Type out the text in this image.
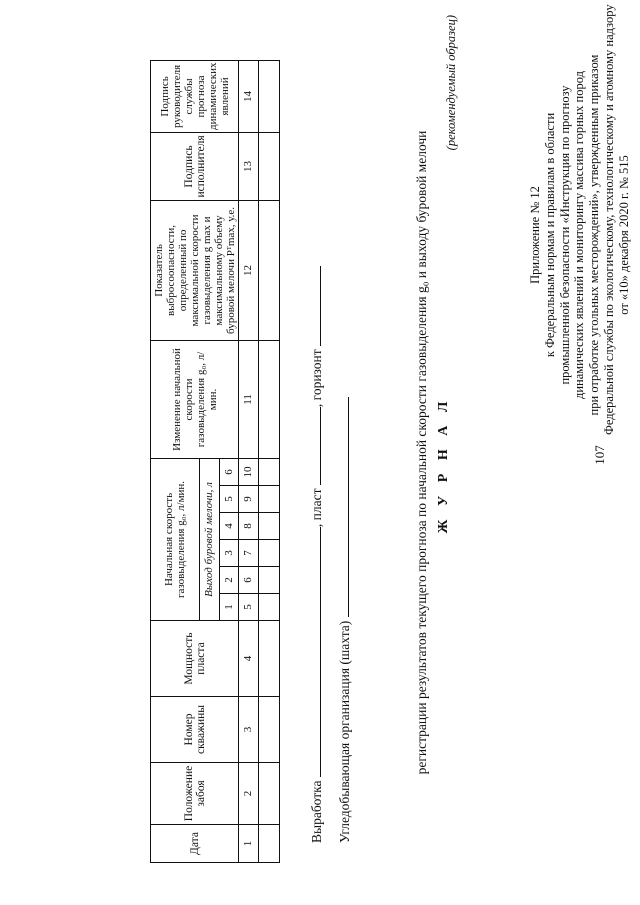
107
Приложение № 12 к Федеральным нормам и правилам в области промышленной безопасности «Инструкция по прогнозу динамических явлений и мониторингу массива горных пород при отработке угольных месторождений», утвержденным приказом Федеральной службы по экологическому, технологическому и атомному надзору от «10» декабря 2020 г. № 515
(рекомендуемый образец)
Ж У Р Н А Л
регистрации результатов текущего прогноза по начальной скорости газовыделения g₀ и выходу буровой мелочи
Угледобывающая организация (шахта)
Выработка , пласт , горизонт
Дата	Положение забоя	Номер скважины	Мощность пласта	Начальная скорость газовыделения g₀, л/мин.						Изменение начальной скорости газовыделения g₀, л/мин.	Показатель выбросоопасности, определенный по максимальной скорости газовыделения g max и максимальному объему буровой мелочи Pᵀmax, у.е.	Подпись исполнителя	Подпись руководителя службы прогноза динамических явлений
				Выход буровой мелочи, л									
				1	2	3	4	5	6				
1	2	3	4	5	6	7	8	9	10	11	12	13	14
